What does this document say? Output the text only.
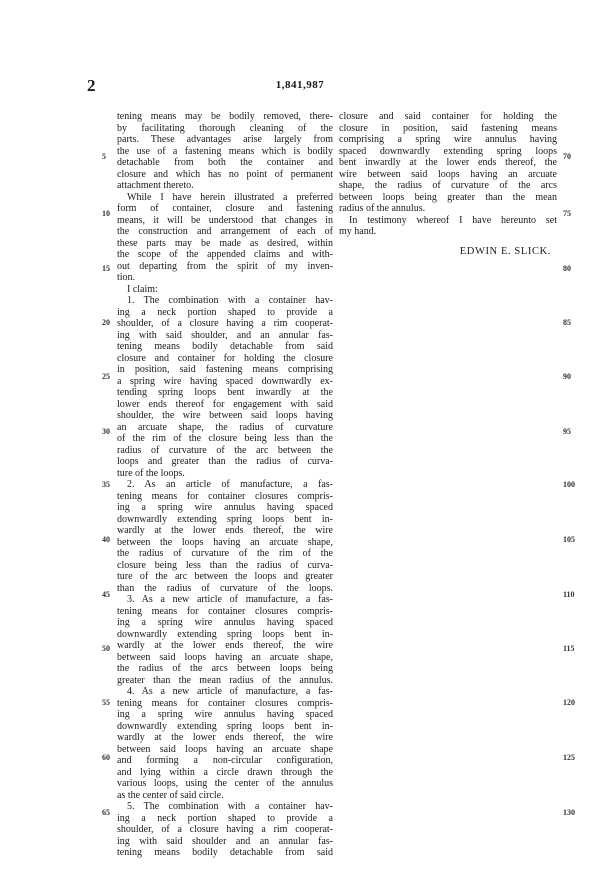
2	1,841,987
tening means may be bodily removed, there-
by facilitating thorough cleaning of the
parts. These advantages arise largely from
the use of a fastening means which is bodily
detachable from both the container and
closure and which has no point of permanent
attachment thereto.
While I have herein illustrated a preferred
form of container, closure and fastening
means, it will be understood that changes in
the construction and arrangement of each of
these parts may be made as desired, within
the scope of the appended claims and with-
out departing from the spirit of my inven-
tion.
I claim:
1. The combination with a container hav-
ing a neck portion shaped to provide a
shoulder, of a closure having a rim cooperat-
ing with said shoulder, and an annular fas-
tening means bodily detachable from said
closure and container for holding the closure
in position, said fastening means comprising
a spring wire having spaced downwardly ex-
tending spring loops bent inwardly at the
lower ends thereof for engagement with said
shoulder, the wire between said loops having
an arcuate shape, the radius of curvature
of the rim of the closure being less than the
radius of curvature of the arc between the
loops and greater than the radius of curva-
ture of the loops.
2. As an article of manufacture, a fas-
tening means for container closures compris-
ing a spring wire annulus having spaced
downwardly extending spring loops bent in-
wardly at the lower ends thereof, the wire
between the loops having an arcuate shape,
the radius of curvature of the rim of the
closure being less than the radius of curva-
ture of the arc between the loops and greater
than the radius of curvature of the loops.
3. As a new article of manufacture, a fas-
tening means for container closures compris-
ing a spring wire annulus having spaced
downwardly extending spring loops bent in-
wardly at the lower ends thereof, the wire
between said loops having an arcuate shape,
the radius of the arcs between loops being
greater than the mean radius of the annulus.
4. As a new article of manufacture, a fas-
tening means for container closures compris-
ing a spring wire annulus having spaced
downwardly extending spring loops bent in-
wardly at the lower ends thereof, the wire
between said loops having an arcuate shape
and forming a non-circular configuration,
and lying within a circle drawn through the
various loops, using the center of the annulus
as the center of said circle.
5. The combination with a container hav-
ing a neck portion shaped to provide a
shoulder, of a closure having a rim cooperat-
ing with said shoulder and an annular fas-
tening means bodily detachable from said
closure and said container for holding the
closure in position, said fastening means
comprising a spring wire annulus having
spaced downwardly extending spring loops
bent inwardly at the lower ends thereof, the
wire between said loops having an arcuate
shape, the radius of curvature of the arcs
between loops being greater than the mean
radius of the annulus.
In testimony whereof I have hereunto set
my hand.
EDWIN E. SLICK.
5
10
15
20
25
30
35
40
45
50
55
60
65
70
75
80
85
90
95
100
105
110
115
120
125
130
